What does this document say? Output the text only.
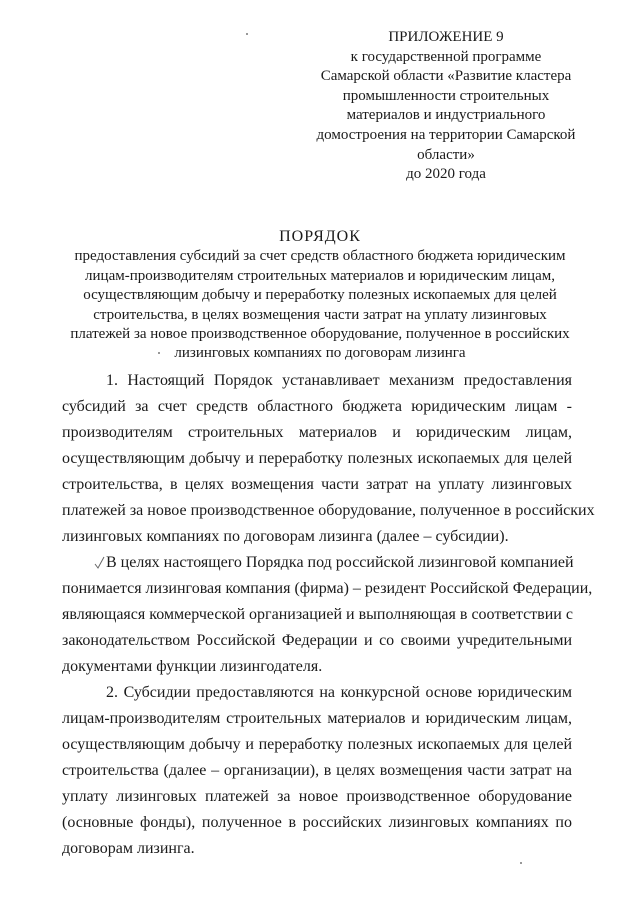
ПРИЛОЖЕНИЕ 9
к государственной программе
Самарской области «Развитие кластера
промышленности строительных
материалов и индустриального
домостроения на территории Самарской
области»
до 2020 года
ПОРЯДОК
предоставления субсидий за счет средств областного бюджета юридическим
лицам-производителям строительных материалов и юридическим лицам,
осуществляющим добычу и переработку полезных ископаемых для целей
строительства, в целях возмещения части затрат на уплату лизинговых
платежей за новое производственное оборудование, полученное в российских
лизинговых компаниях по договорам лизинга
1. Настоящий Порядок устанавливает механизм предоставления
субсидий за счет средств областного бюджета юридическим лицам -
производителям строительных материалов и юридическим лицам,
осуществляющим добычу и переработку полезных ископаемых для целей
строительства, в целях возмещения части затрат на уплату лизинговых
платежей за новое производственное оборудование, полученное в российских
лизинговых компаниях по договорам лизинга (далее – субсидии).
В целях настоящего Порядка под российской лизинговой компанией
понимается лизинговая компания (фирма) – резидент Российской Федерации,
являющаяся коммерческой организацией и выполняющая в соответствии с
законодательством Российской Федерации и со своими учредительными
документами функции лизингодателя.
2. Субсидии предоставляются на конкурсной основе юридическим
лицам-производителям строительных материалов и юридическим лицам,
осуществляющим добычу и переработку полезных ископаемых для целей
строительства (далее – организации), в целях возмещения части затрат на
уплату лизинговых платежей за новое производственное оборудование
(основные фонды), полученное в российских лизинговых компаниях по
договорам лизинга.
